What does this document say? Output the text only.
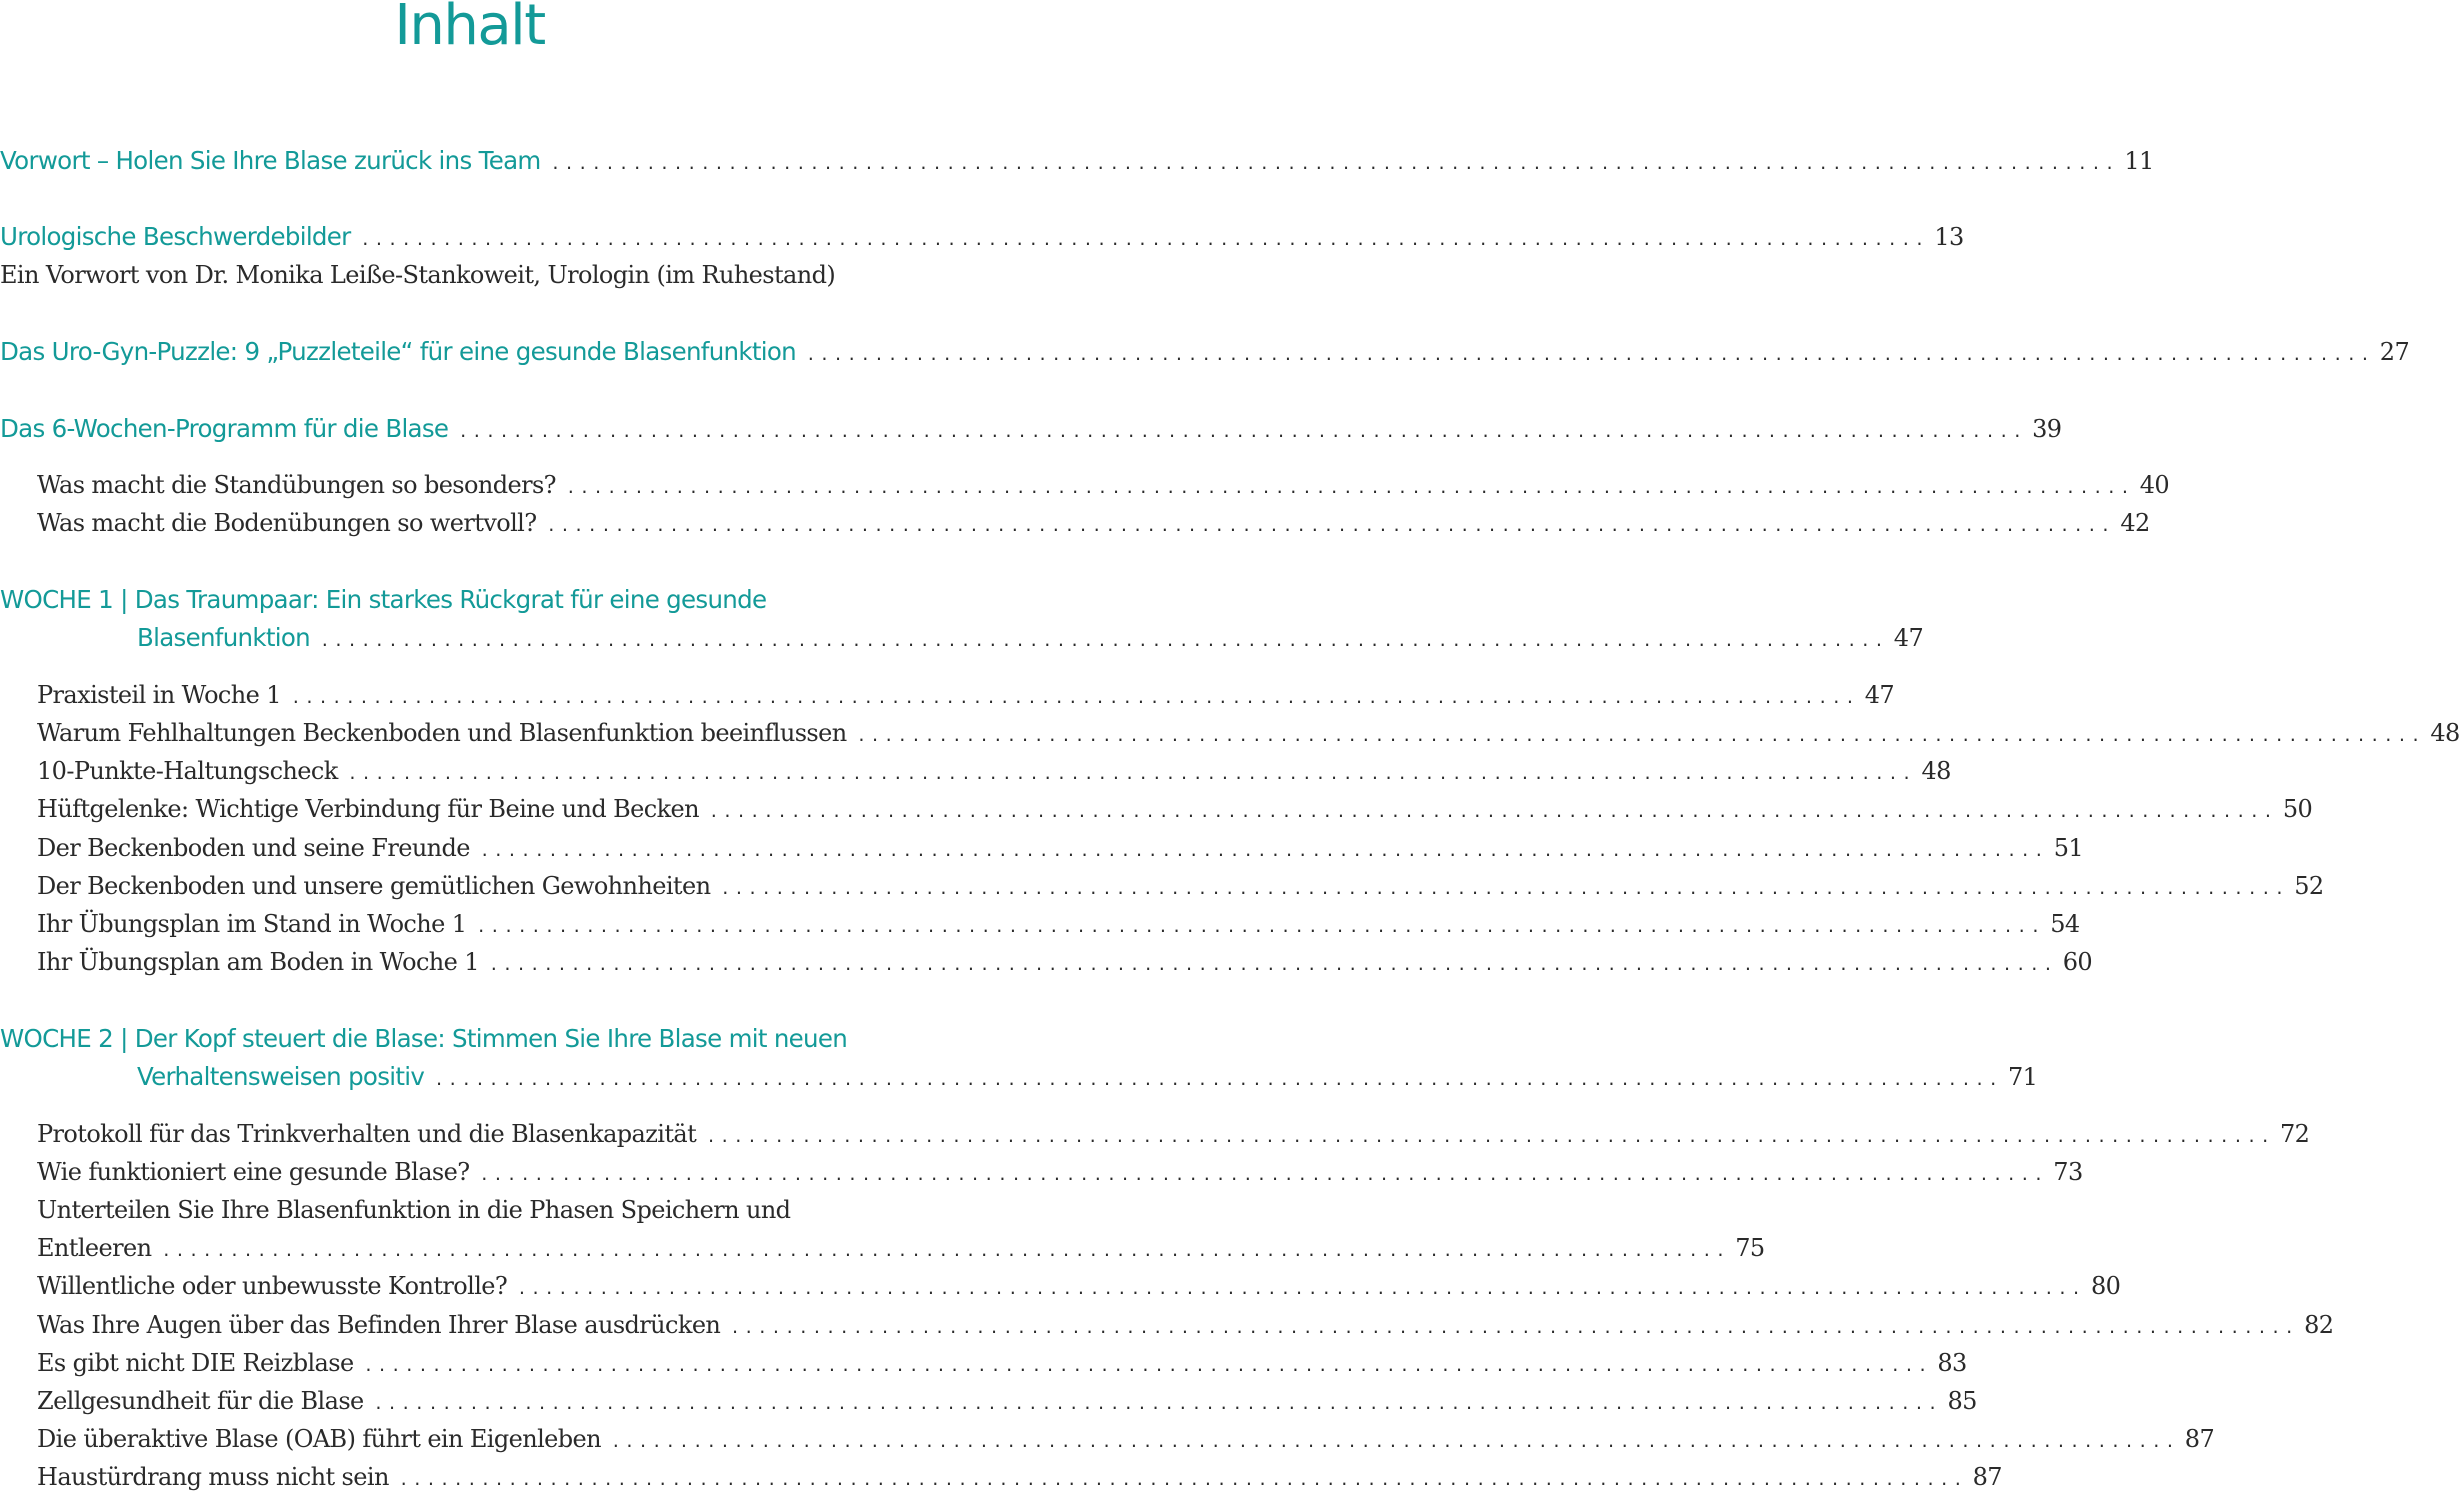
Inhalt
Vorwort – Holen Sie Ihre Blase zurück ins Team ................................................................................................................... 11
Urologische Beschwerdebilder ................................................................................................................... 13
Ein Vorwort von Dr. Monika Leiße-Stankoweit, Urologin (im Ruhestand)
Das Uro-Gyn-Puzzle: 9 „Puzzleteile“ für eine gesunde Blasenfunktion ................................................................................................................... 27
Das 6-Wochen-Programm für die Blase ................................................................................................................... 39
Was macht die Standübungen so besonders? ................................................................................................................... 40
Was macht die Bodenübungen so wertvoll? ................................................................................................................... 42
WOCHE 1 | Das Traumpaar: Ein starkes Rückgrat für eine gesunde
Blasenfunktion ................................................................................................................... 47
Praxisteil in Woche 1 ................................................................................................................... 47
Warum Fehlhaltungen Beckenboden und Blasenfunktion beeinflussen ................................................................................................................... 48
10-Punkte-Haltungscheck ................................................................................................................... 48
Hüftgelenke: Wichtige Verbindung für Beine und Becken ................................................................................................................... 50
Der Beckenboden und seine Freunde ................................................................................................................... 51
Der Beckenboden und unsere gemütlichen Gewohnheiten ................................................................................................................... 52
Ihr Übungsplan im Stand in Woche 1 ................................................................................................................... 54
Ihr Übungsplan am Boden in Woche 1 ................................................................................................................... 60
WOCHE 2 | Der Kopf steuert die Blase: Stimmen Sie Ihre Blase mit neuen
Verhaltensweisen positiv ................................................................................................................... 71
Protokoll für das Trinkverhalten und die Blasenkapazität ................................................................................................................... 72
Wie funktioniert eine gesunde Blase? ................................................................................................................... 73
Unterteilen Sie Ihre Blasenfunktion in die Phasen Speichern und
Entleeren ................................................................................................................... 75
Willentliche oder unbewusste Kontrolle? ................................................................................................................... 80
Was Ihre Augen über das Befinden Ihrer Blase ausdrücken ................................................................................................................... 82
Es gibt nicht DIE Reizblase ................................................................................................................... 83
Zellgesundheit für die Blase ................................................................................................................... 85
Die überaktive Blase (OAB) führt ein Eigenleben ................................................................................................................... 87
Haustürdrang muss nicht sein ................................................................................................................... 87
